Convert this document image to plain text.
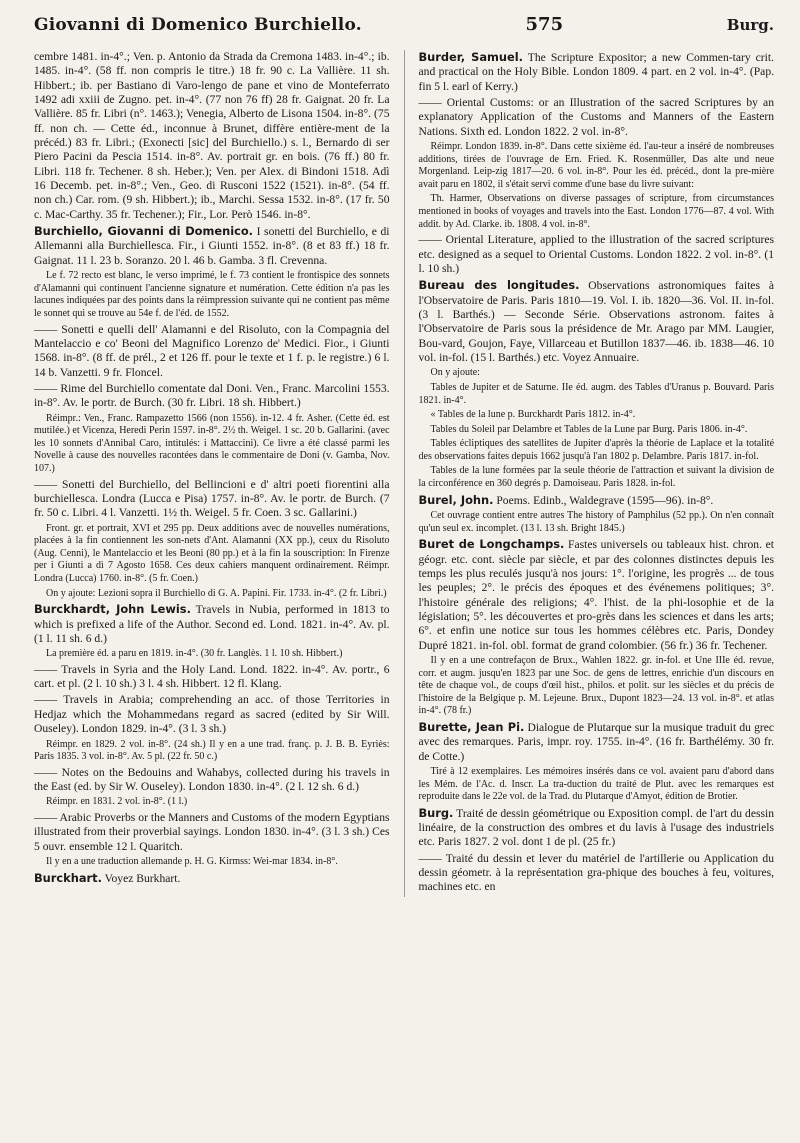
Giovanni di Domenico Burchiello.	575	Burg.
cembre 1481. in-4°.; Ven. p. Antonio da Strada da Cremona 1483. in-4°.; ib. 1485. in-4°. (58 ff. non compris le titre.) 18 fr. 90 c. La Vallière. 11 sh. Hibbert.; ib. per Bastiano di Varo-lengo de pane et vino de Monteferrato 1492 adi xxiii de Zugno. pet. in-4°. (77 non 76 ff) 28 fr. Gaignat. 20 fr. La Vallière. 85 fr. Libri (n°. 1463.); Venegia, Alberto de Lisona 1504. in-8°. (75 ff. non ch. — Cette éd., inconnue à Brunet, diffère entière-ment de la précéd.) 83 fr. Libri.; (Exonecti [sic] del Burchiello.) s. l., Bernardo di ser Piero Pacini da Pescia 1514. in-8°. Av. portrait gr. en bois. (76 ff.) 80 fr. Libri. 118 fr. Techener. 8 sh. Heber.); Ven. per Alex. di Bindoni 1518. Adì 16 Decemb. pet. in-8°.; Ven., Geo. di Rusconi 1522 (1521). in-8°. (54 ff. non ch.) Car. rom. (9 sh. Hibbert.); ib., Marchi. Sessa 1532. in-8°. (17 fr. 50 c. Mac-Carthy. 35 fr. Techener.); Fir., Lor. Però 1546. in-8°.
Burchiello, Giovanni di Domenico. I sonetti del Burchiello, e di Allemanni alla Burchiellesca. Fir., i Giunti 1552. in-8°. (8 et 83 ff.) 18 fr. Gaignat. 11 l. 23 b. Soranzo. 20 l. 46 b. Gamba. 3 fl. Crevenna.
Le f. 72 recto est blanc, le verso imprimé, le f. 73 contient le frontispice des sonnets d'Alamanni qui continuent l'ancienne signature et numération. Cette édition n'a pas les lacunes indiquées par des points dans la réimpression suivante qui ne contient pas même le sonnet qui se trouve au 54e f. de l'éd. de 1552.
—— Sonetti e quelli dell' Alamanni e del Risoluto, con la Compagnia del Mantelaccio e co' Beoni del Magnifico Lorenzo de' Medici. Fior., i Giunti 1568. in-8°. (8 ff. de prél., 2 et 126 ff. pour le texte et 1 f. p. le registre.) 6 l. 14 b. Vanzetti. 9 fr. Floncel.
—— Rime del Burchiello comentate dal Doni. Ven., Franc. Marcolini 1553. in-8°. Av. le portr. de Burch. (30 fr. Libri. 18 sh. Hibbert.)
Réimpr.: Ven., Franc. Rampazetto 1566 (non 1556). in-12. 4 fr. Asher. (Cette éd. est mutilée.) et Vicenza, Heredi Perin 1597. in-8°. 2½ th. Weigel. 1 sc. 20 b. Gallarini. (avec les 10 sonnets d'Annibal Caro, intitulés: i Mattaccini). Ce livre a été classé parmi les Novelle à cause des nouvelles racontées dans le commentaire de Doni (v. Gamba, Nov. 107.)
—— Sonetti del Burchiello, del Bellincioni e d' altri poeti fiorentini alla burchiellesca. Londra (Lucca e Pisa) 1757. in-8°. Av. le portr. de Burch. (7 fr. 50 c. Libri. 4 l. Vanzetti. 1½ th. Weigel. 5 fr. Coen. 3 sc. Gallarini.)
Front. gr. et portrait, XVI et 295 pp. Deux additions avec de nouvelles numérations, placées à la fin contiennent les son-nets d'Ant. Alamanni (XX pp.), ceux du Risoluto (Aug. Cenni), le Mantelaccio et les Beoni (80 pp.) et à la fin la souscription: In Firenze per i Giunti a dì 7 Agosto 1658. Ces deux cahiers manquent ordinairement. Réimpr. Londra (Lucca) 1760. in-8°. (5 fr. Coen.)
On y ajoute: Lezioni sopra il Burchiello di G. A. Papini. Fir. 1733. in-4°. (2 fr. Libri.)
Burckhardt, John Lewis. Travels in Nubia, performed in 1813 to which is prefixed a life of the Author. Second ed. Lond. 1821. in-4°. Av. pl. (1 l. 11 sh. 6 d.)
La première éd. a paru en 1819. in-4°. (30 fr. Langlès. 1 l. 10 sh. Hibbert.)
—— Travels in Syria and the Holy Land. Lond. 1822. in-4°. Av. portr., 6 cart. et pl. (2 l. 10 sh.) 3 l. 4 sh. Hibbert. 12 fl. Klang.
—— Travels in Arabia; comprehending an acc. of those Territories in Hedjaz which the Mohammedans regard as sacred (edited by Sir Will. Ouseley). London 1829. in-4°. (3 l. 3 sh.)
Réimpr. en 1829. 2 vol. in-8°. (24 sh.) Il y en a une trad. franç. p. J. B. B. Eyriès: Paris 1835. 3 vol. in-8°. Av. 5 pl. (22 fr. 50 c.)
—— Notes on the Bedouins and Wahabys, collected during his travels in the East (ed. by Sir W. Ouseley). London 1830. in-4°. (2 l. 12 sh. 6 d.)
Réimpr. en 1831. 2 vol. in-8°. (1 l.)
—— Arabic Proverbs or the Manners and Customs of the modern Egyptians illustrated from their proverbial sayings. London 1830. in-4°. (3 l. 3 sh.) Ces 5 ouvr. ensemble 12 l. Quaritch.
Il y en a une traduction allemande p. H. G. Kirmss: Wei-mar 1834. in-8°.
Burckhart. Voyez Burkhart.
Burder, Samuel. The Scripture Expositor; a new Commen-tary crit. and practical on the Holy Bible. London 1809. 4 part. en 2 vol. in-4°. (Pap. fin 5 l. earl of Kerry.)
—— Oriental Customs: or an Illustration of the sacred Scriptures by an explanatory Application of the Customs and Manners of the Eastern Nations. Sixth ed. London 1822. 2 vol. in-8°.
Réimpr. London 1839. in-8°. Dans cette sixième éd. l'au-teur a inséré de nombreuses additions, tirées de l'ouvrage de Ern. Fried. K. Rosenmüller, Das alte und neue Morgenland. Leip-zig 1817—20. 6 vol. in-8°. Pour les éd. précéd., dont la pre-mière avait paru en 1802, il s'était servi comme d'une base du livre suivant:
Th. Harmer, Observations on diverse passages of scripture, from circumstances mentioned in books of voyages and travels into the East. London 1776—87. 4 vol. With addit. by Ad. Clarke. ib. 1808. 4 vol. in-8°.
—— Oriental Literature, applied to the illustration of the sacred scriptures etc. designed as a sequel to Oriental Customs. London 1822. 2 vol. in-8°. (1 l. 10 sh.)
Bureau des longitudes. Observations astronomiques faites à l'Observatoire de Paris. Paris 1810—19. Vol. I. ib. 1820—36. Vol. II. in-fol. (3 l. Barthés.) — Seconde Série. Observations astronom. faites à l'Observatoire de Paris sous la présidence de Mr. Arago par MM. Laugier, Bou-vard, Goujon, Faye, Villarceau et Butillon 1837—46. ib. 1838—46. 10 vol. in-fol. (15 l. Barthés.) etc. Voyez Annuaire.
On y ajoute:
Tables de Jupiter et de Saturne. IIe éd. augm. des Tables d'Uranus p. Bouvard. Paris 1821. in-4°.
« Tables de la lune p. Burckhardt Paris 1812. in-4°.
Tables du Soleil par Delambre et Tables de la Lune par Burg. Paris 1806. in-4°.
Tables écliptiques des satellites de Jupiter d'après la théorie de Laplace et la totalité des observations faites depuis 1662 jusqu'à l'an 1802 p. Delambre. Paris 1817. in-fol.
Tables de la lune formées par la seule théorie de l'attraction et suivant la division de la circonférence en 360 degrés p. Damoiseau. Paris 1828. in-fol.
Burel, John. Poems. Edinb., Waldegrave (1595—96). in-8°.
Cet ouvrage contient entre autres The history of Pamphilus (52 pp.). On n'en connaît qu'un seul ex. incomplet. (13 l. 13 sh. Bright 1845.)
Buret de Longchamps. Fastes universels ou tableaux hist. chron. et géogr. etc. cont. siècle par siècle, et par des colonnes distinctes depuis les temps les plus reculés jusqu'à nos jours: 1°. l'origine, les progrès ... de tous les peuples; 2°. le précis des époques et des événemens politiques; 3°. l'histoire générale des religions; 4°. l'hist. de la phi-losophie et de la législation; 5°. les découvertes et pro-grès dans les sciences et dans les arts; 6°. et enfin une notice sur tous les hommes célèbres etc. Paris, Dondey Dupré 1821. in-fol. obl. format de grand colombier. (56 fr.) 36 fr. Techener.
Il y en a une contrefaçon de Brux., Wahlen 1822. gr. in-fol. et Une IIIe éd. revue, corr. et augm. jusqu'en 1823 par une Soc. de gens de lettres, enrichie d'un discours en tête de chaque vol., de coups d'œil hist., philos. et polit. sur les siècles et du précis de l'histoire de la Belgique p. M. Lejeune. Brux., Dupont 1823—24. 13 vol. in-8°. et atlas in-4°. (78 fr.)
Burette, Jean Pi. Dialogue de Plutarque sur la musique traduit du grec avec des remarques. Paris, impr. roy. 1755. in-4°. (16 fr. Barthélémy. 30 fr. de Cotte.)
Tiré à 12 exemplaires. Les mémoires insérés dans ce vol. avaient paru d'abord dans les Mém. de l'Ac. d. Inscr. La tra-duction du traité de Plut. avec les remarques est reproduite dans le 22e vol. de la Trad. du Plutarque d'Amyot, édition de Brotier.
Burg. Traité de dessin géométrique ou Exposition compl. de l'art du dessin linéaire, de la construction des ombres et du lavis à l'usage des industriels etc. Paris 1827. 2 vol. dont 1 de pl. (25 fr.)
—— Traité du dessin et lever du matériel de l'artillerie ou Application du dessin géometr. à la représentation gra-phique des bouches à feu, voitures, machines etc. en
